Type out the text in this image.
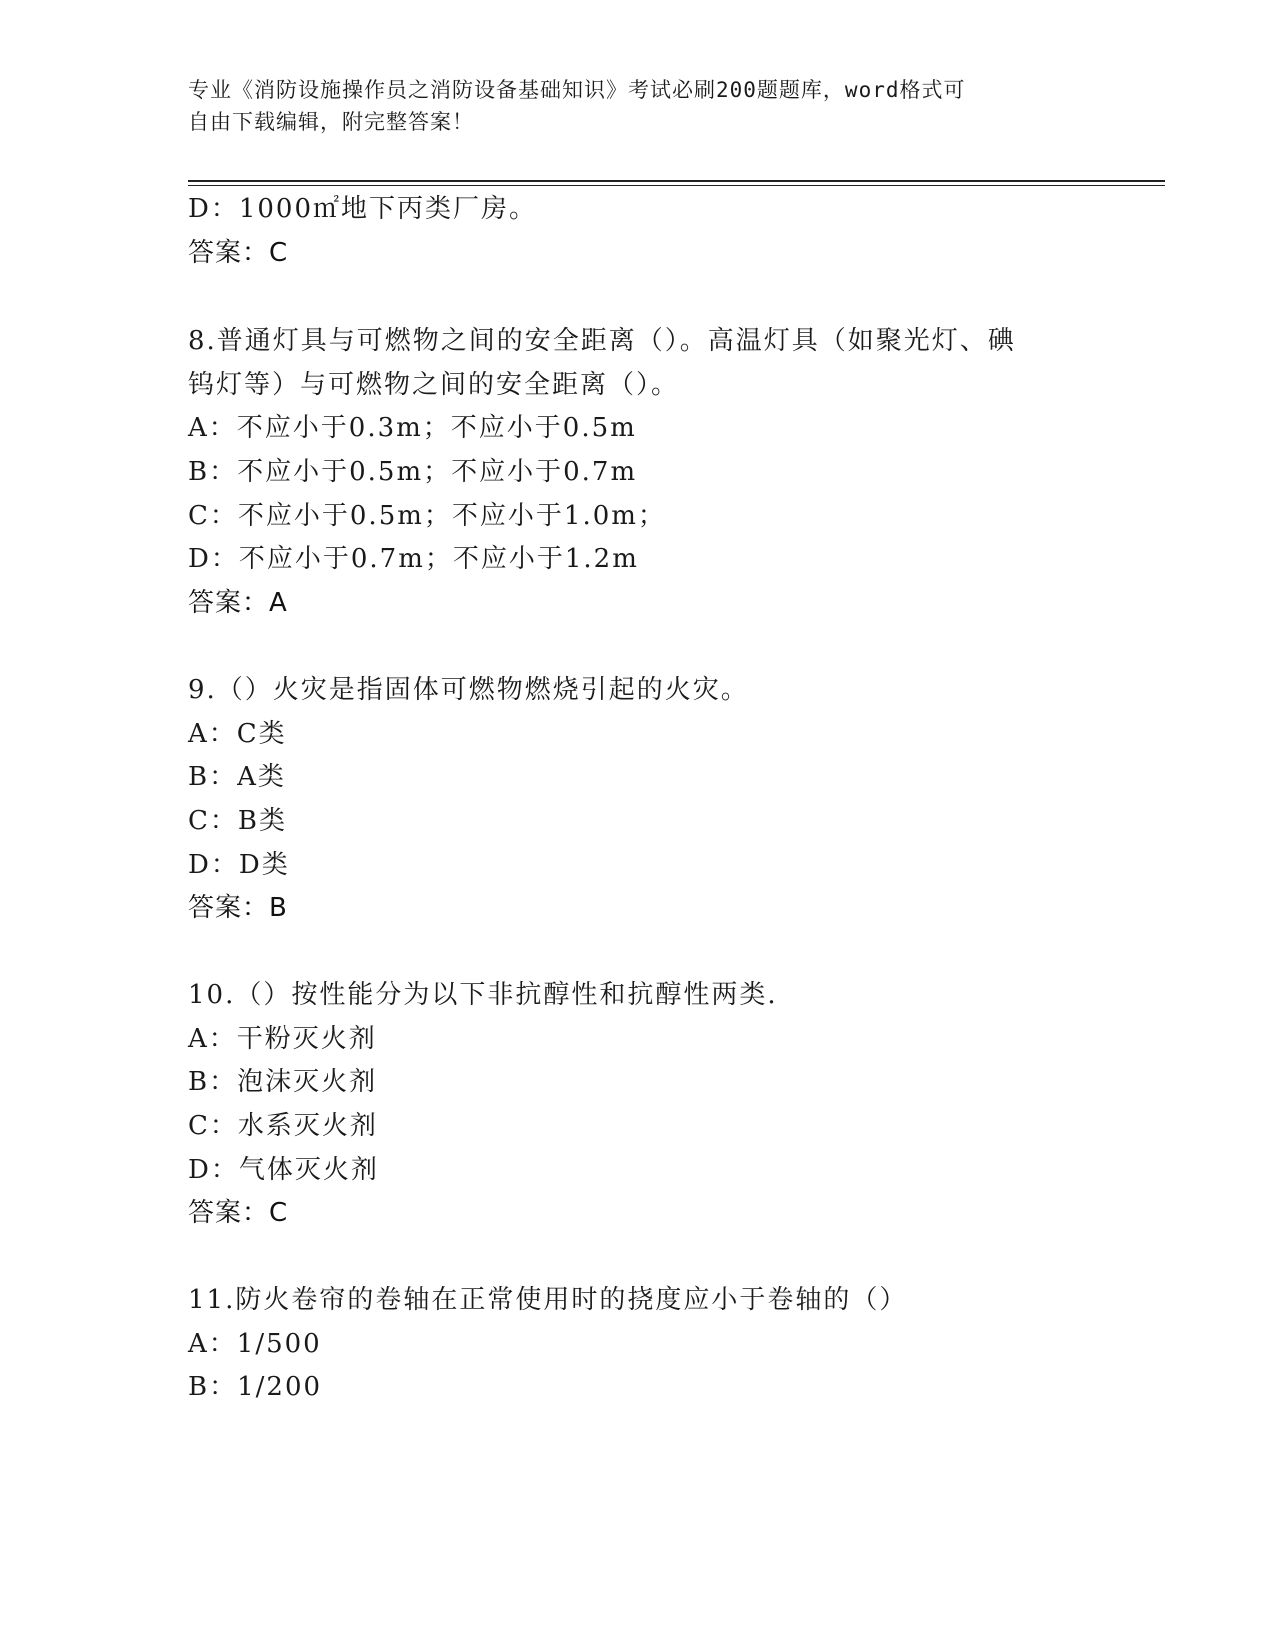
专业《消防设施操作员之消防设备基础知识》考试必刷200题题库，word格式可
自由下载编辑，附完整答案！
D：1000㎡地下丙类厂房。
答案：C
8.普通灯具与可燃物之间的安全距离（）。高温灯具（如聚光灯、碘
钨灯等）与可燃物之间的安全距离（）。
A：不应小于0.3m；不应小于0.5m
B：不应小于0.5m；不应小于0.7m
C：不应小于0.5m；不应小于1.0m；
D：不应小于0.7m；不应小于1.2m
答案：A
9.（）火灾是指固体可燃物燃烧引起的火灾。
A：C类
B：A类
C：B类
D：D类
答案：B
10.（）按性能分为以下非抗醇性和抗醇性两类.
A：干粉灭火剂
B：泡沫灭火剂
C：水系灭火剂
D：气体灭火剂
答案：C
11.防火卷帘的卷轴在正常使用时的挠度应小于卷轴的（）
A：1/500
B：1/200
